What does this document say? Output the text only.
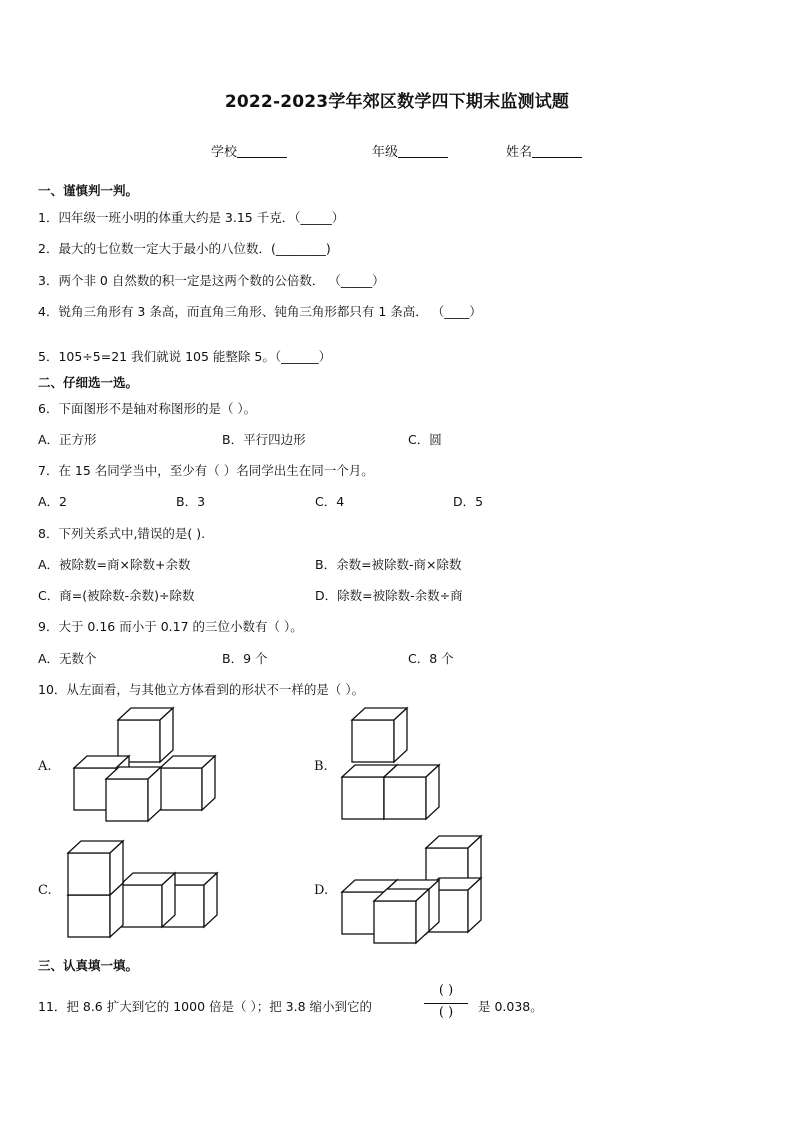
2022-2023学年郊区数学四下期末监测试题
学校	年级	姓名
一、谨慎判一判。
1．四年级一班小明的体重大约是 3.15 千克．（_____）
2．最大的七位数一定大于最小的八位数．(________)
3．两个非 0 自然数的积一定是这两个数的公倍数． （_____）
4．锐角三角形有 3 条高，而直角三角形、钝角三角形都只有 1 条高． （____）
5．105÷5=21 我们就说 105 能整除 5。（______）
二、仔细选一选。
6．下面图形不是轴对称图形的是（ ）。
A．正方形	B．平行四边形	C．圆
7．在 15 名同学当中，至少有（ ）名同学出生在同一个月。
A．2	B．3	C．4	D．5
8．下列关系式中,错误的是( ).
A．被除数=商×除数+余数	B．余数=被除数-商×除数
C．商=(被除数-余数)÷除数	D．除数=被除数-余数÷商
9．大于 0.16 而小于 0.17 的三位小数有（ ）。
A．无数个	B．9 个	C．8 个
10．从左面看，与其他立方体看到的形状不一样的是（ ）。
A.	B.
C.	D.
三、认真填一填。
11．把 8.6 扩大到它的 1000 倍是（ ）；把 3.8 缩小到它的
( )
( )	是 0.038。
